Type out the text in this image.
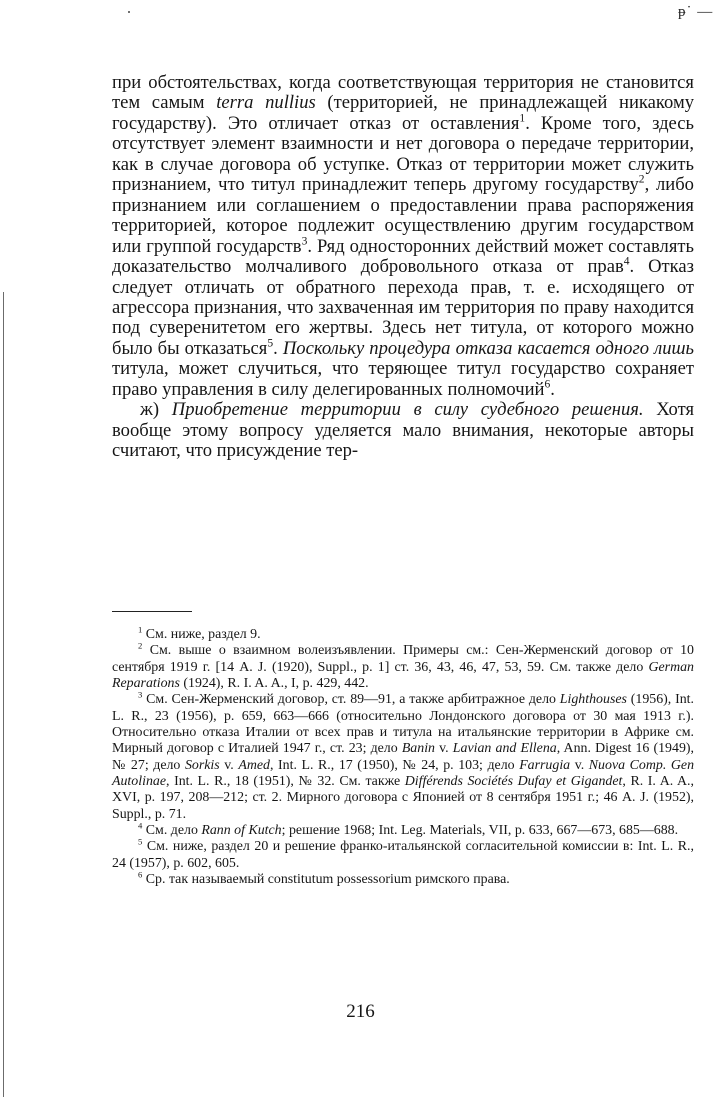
ᵽ˙ —

при обстоятельствах, когда соответствующая территория не становится тем самым terra nullius (территорией, не принадлежащей никакому государству). Это отличает отказ от оставления$^1$. Кроме того, здесь отсутствует элемент взаимности и нет договора о передаче территории, как в случае договора об уступке. Отказ от территории может служить признанием, что титул принадлежит теперь другому государству$^2$, либо признанием или соглашением о предоставлении права распоряжения территорией, которое подлежит осуществлению другим государством или группой государств$^3$. Ряд односторонних действий может составлять доказательство молчаливого добровольного отказа от прав$^4$. Отказ следует отличать от обратного перехода прав, т. е. исходящего от агрессора признания, что захваченная им территория по праву находится под суверенитетом его жертвы. Здесь нет титула, от которого можно было бы отказаться$^5$. Поскольку процедура отказа касается одного лишь титула, может случиться, что теряющее титул государство сохраняет право управления в силу делегированных полномочий$^6$.

ж) Приобретение территории в силу судебного решения. Хотя вообще этому вопросу уделяется мало внимания, некоторые авторы считают, что присуждение тер-

$^1$ См. ниже, раздел 9.

$^2$ См. выше о взаимном волеизъявлении. Примеры см.: Сен-Жерменский договор от 10 сентября 1919 г. [14 A. J. (1920), Suppl., p. 1] ст. 36, 43, 46, 47, 53, 59. См. также дело German Reparations (1924), R. I. A. A., I, p. 429, 442.

$^3$ См. Сен-Жерменский договор, ст. 89—91, а также арбитражное дело Lighthouses (1956), Int. L. R., 23 (1956), p. 659, 663—666 (относительно Лондонского договора от 30 мая 1913 г.). Относительно отказа Италии от всех прав и титула на итальянские территории в Африке см. Мирный договор с Италией 1947 г., ст. 23; дело Banin v. Lavian and Ellena, Ann. Digest 16 (1949), № 27; дело Sorkis v. Amed, Int. L. R., 17 (1950), № 24, p. 103; дело Farrugia v. Nuova Comp. Gen Autolinae, Int. L. R., 18 (1951), № 32. См. также Différends Sociétés Dufay et Gigandet, R. I. A. A., XVI, p. 197, 208—212; ст. 2. Мирного договора с Японией от 8 сентября 1951 г.; 46 A. J. (1952), Suppl., p. 71.

$^4$ См. дело Rann of Kutch; решение 1968; Int. Leg. Materials, VII, p. 633, 667—673, 685—688.

$^5$ См. ниже, раздел 20 и решение франко-итальянской согласительной комиссии в: Int. L. R., 24 (1957), p. 602, 605.

$^6$ Ср. так называемый constitutum possessorium римского права.

216
